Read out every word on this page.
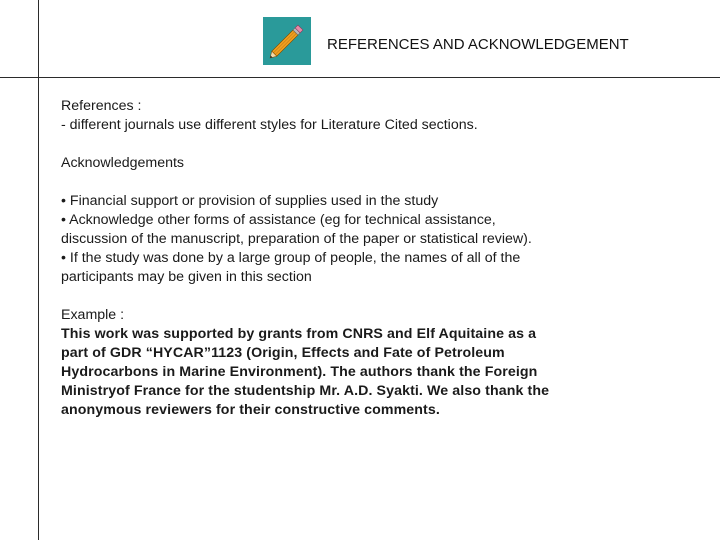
REFERENCES AND ACKNOWLEDGEMENT

References :

- different journals use different styles for Literature Cited sections.

Acknowledgements

• Financial support or provision of supplies used in the study

• Acknowledge other forms of assistance (eg for technical assistance,

discussion of the manuscript, preparation of the paper or statistical review).

• If the study was done by a large group of people, the names of all of the

participants may be given in this section

Example :

This work was supported by grants from CNRS and Elf Aquitaine as a

part of GDR “HYCAR”1123 (Origin, Effects and Fate of Petroleum

Hydrocarbons in Marine Environment). The authors thank the Foreign

Ministryof France for the studentship Mr. A.D. Syakti. We also thank the

anonymous reviewers for their constructive comments.
